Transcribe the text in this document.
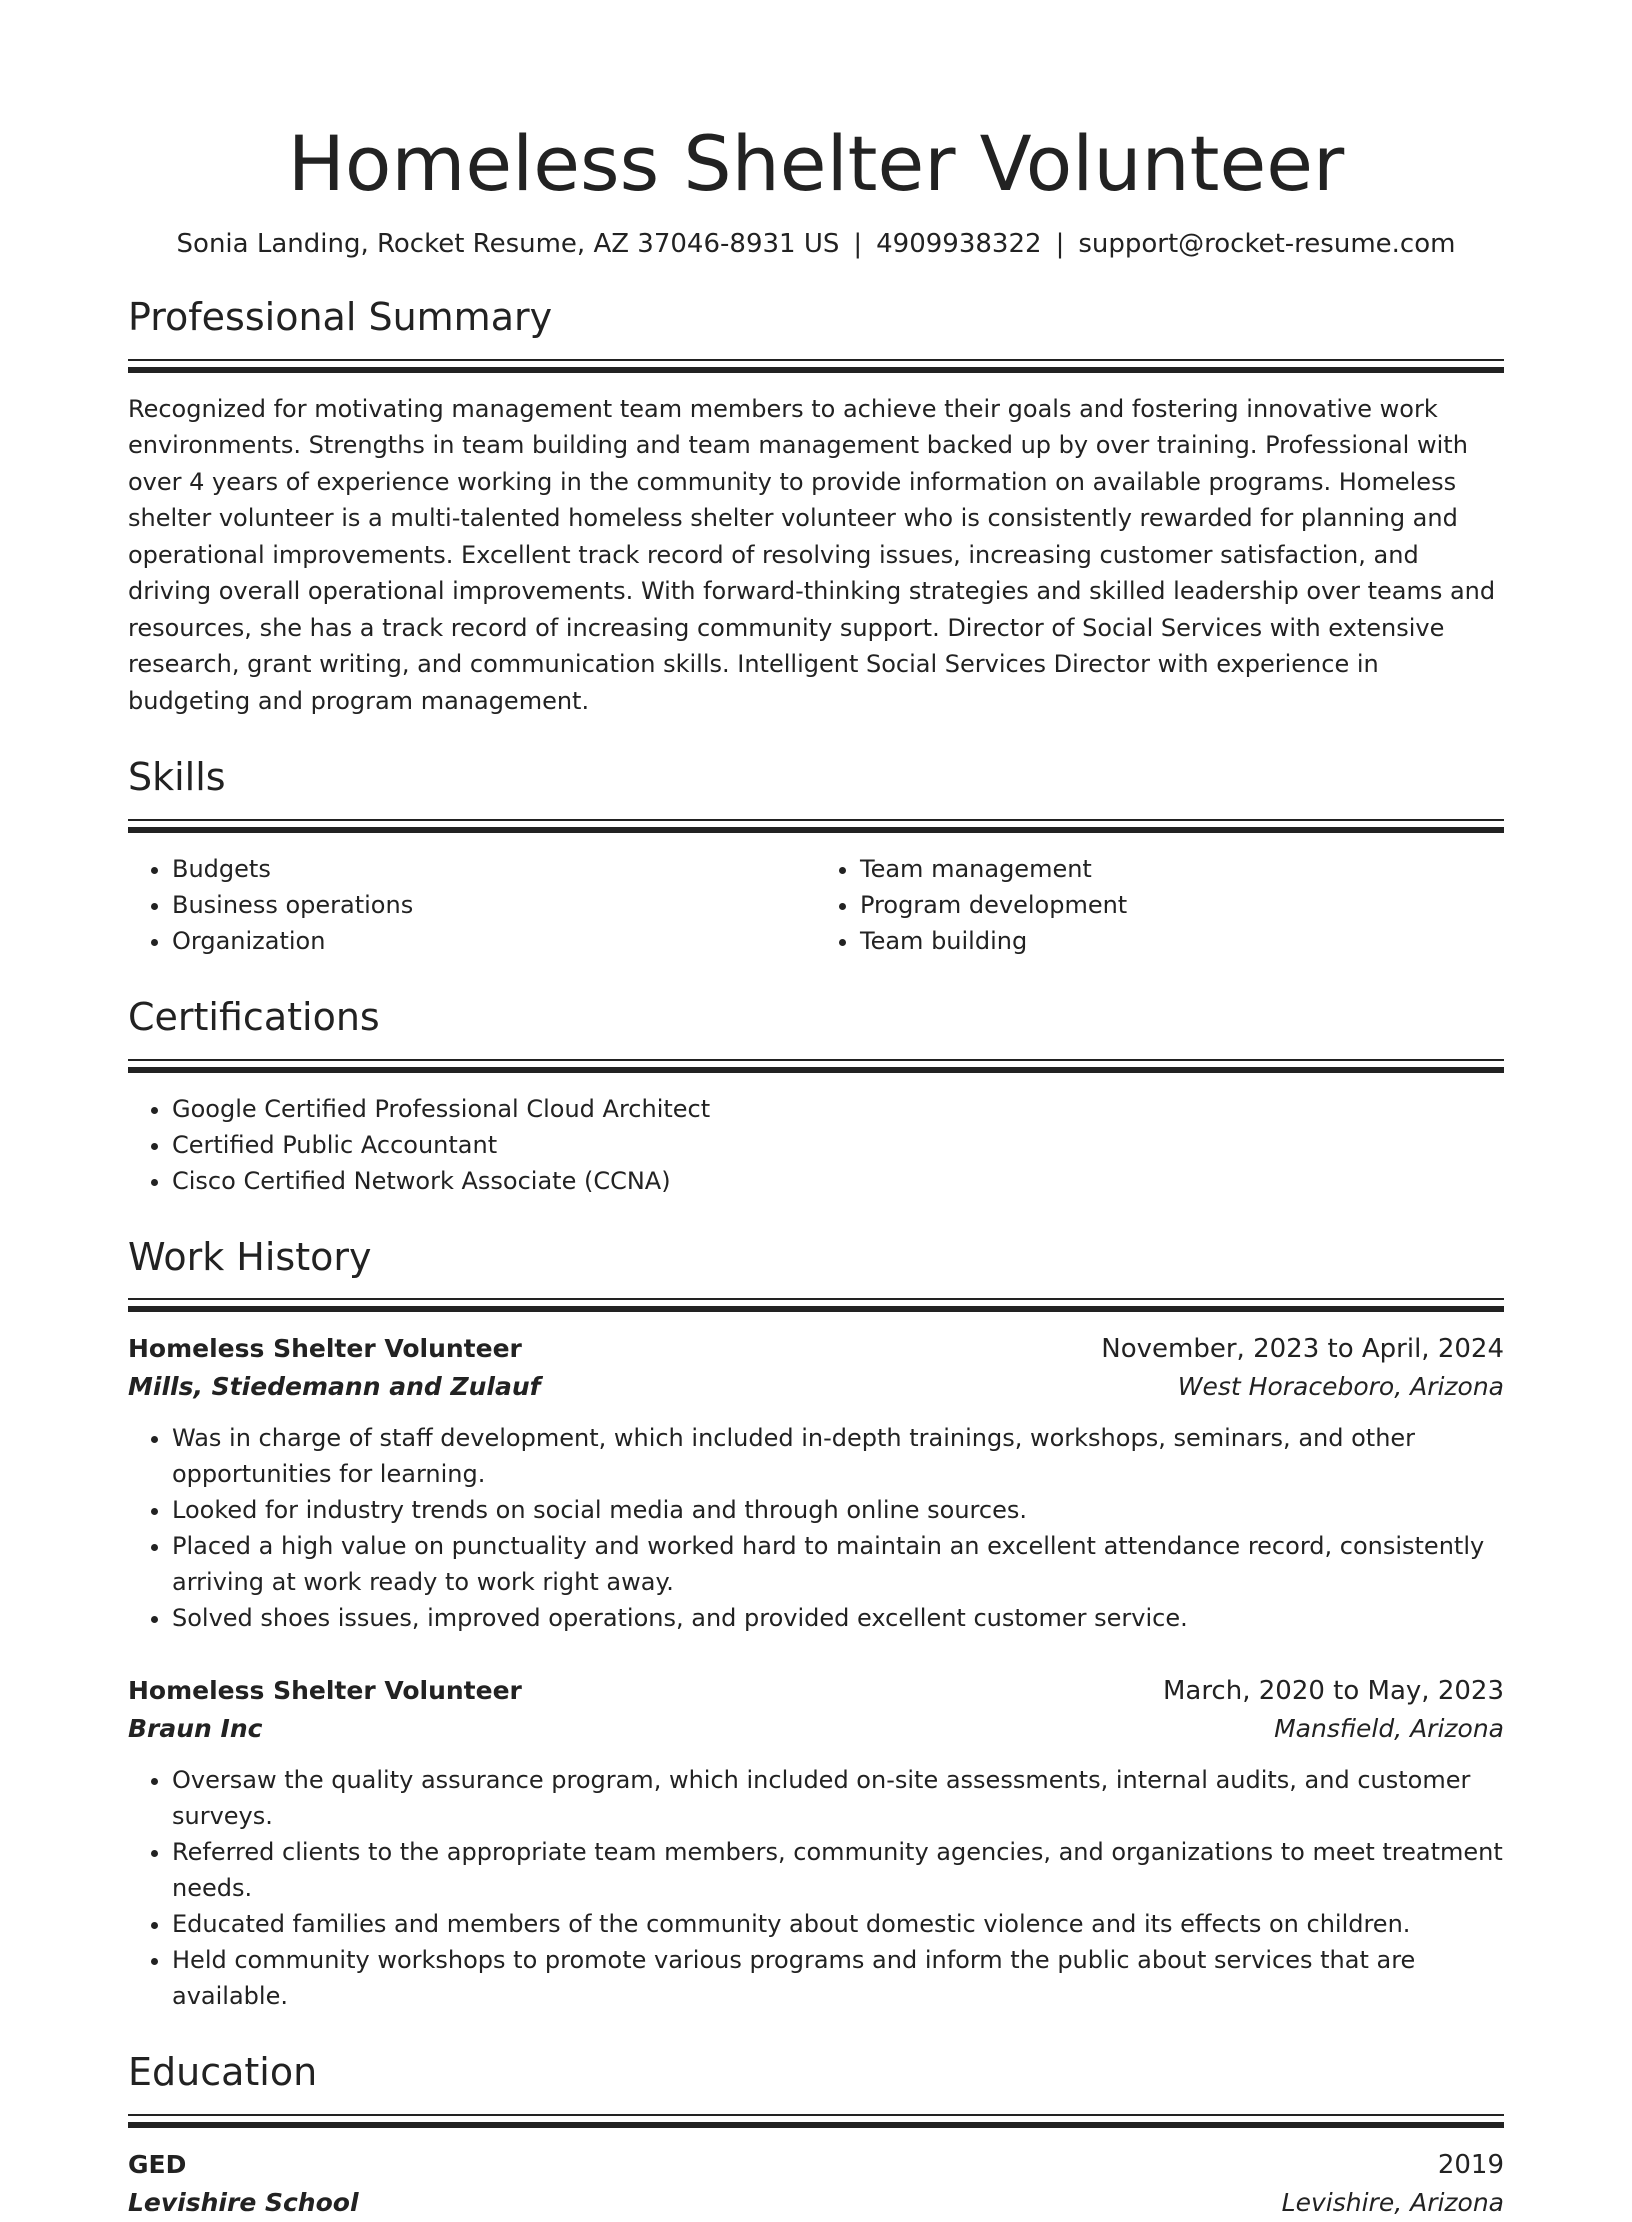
Homeless Shelter Volunteer
Sonia Landing, Rocket Resume, AZ 37046-8931 US | 4909938322 | support@rocket-resume.com
Professional Summary

Recognized for motivating management team members to achieve their goals and fostering innovative work environments. Strengths in team building and team management backed up by over training. Professional with over 4 years of experience working in the community to provide information on available programs. Homeless shelter volunteer is a multi-talented homeless shelter volunteer who is consistently rewarded for planning and operational improvements. Excellent track record of resolving issues, increasing customer satisfaction, and driving overall operational improvements. With forward-thinking strategies and skilled leadership over teams and resources, she has a track record of increasing community support. Director of Social Services with extensive research, grant writing, and communication skills. Intelligent Social Services Director with experience in budgeting and program management.

Skills
• Budgets
• Business operations
• Organization
• Team management
• Program development
• Team building
Certifications
• Google Certified Professional Cloud Architect
• Certified Public Accountant
• Cisco Certified Network Associate (CCNA)
Work History
Homeless Shelter Volunteer	November, 2023 to April, 2024
Mills, Stiedemann and Zulauf	West Horaceboro, Arizona
• Was in charge of staff development, which included in-depth trainings, workshops, seminars, and other opportunities for learning.
• Looked for industry trends on social media and through online sources.
• Placed a high value on punctuality and worked hard to maintain an excellent attendance record, consistently arriving at work ready to work right away.
• Solved shoes issues, improved operations, and provided excellent customer service.
Homeless Shelter Volunteer	March, 2020 to May, 2023
Braun Inc	Mansfield, Arizona
• Oversaw the quality assurance program, which included on-site assessments, internal audits, and customer surveys.
• Referred clients to the appropriate team members, community agencies, and organizations to meet treatment needs.
• Educated families and members of the community about domestic violence and its effects on children.
• Held community workshops to promote various programs and inform the public about services that are available.
Education
GED	2019
Levishire School	Levishire, Arizona
